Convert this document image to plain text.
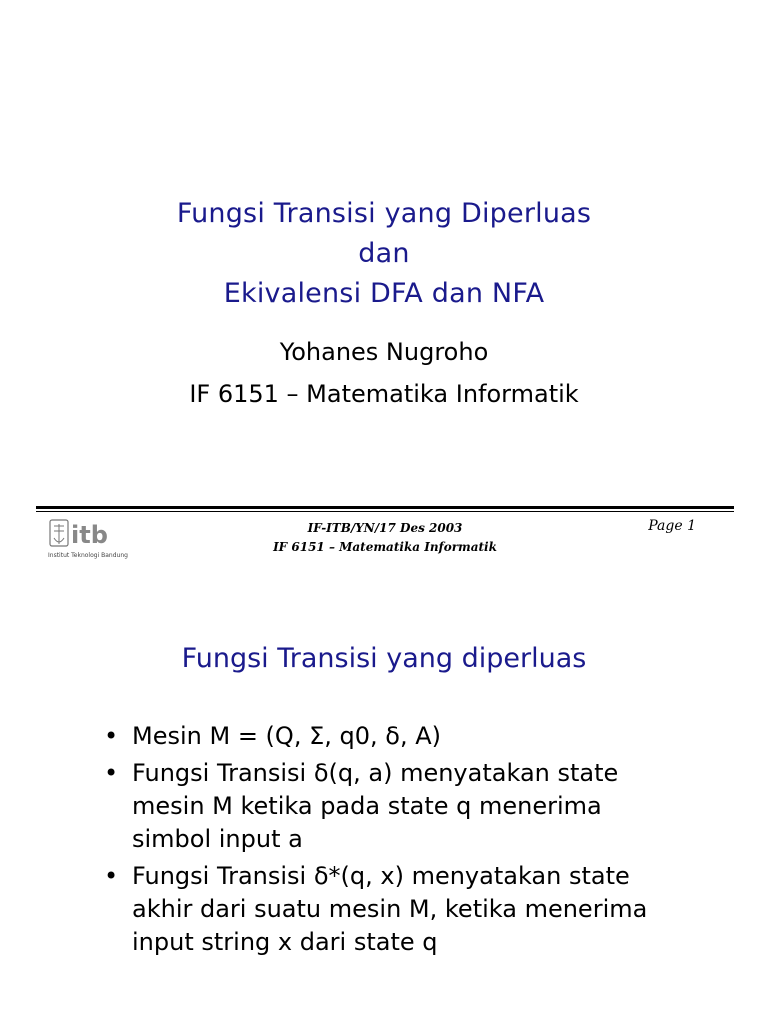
Fungsi Transisi yang Diperluas
dan
Ekivalensi DFA dan NFA
Yohanes Nugroho
IF 6151 – Matematika Informatik
itb
Institut Teknologi Bandung
IF-ITB/YN/17 Des 2003
IF 6151 – Matematika Informatik
Page 1
Fungsi Transisi yang diperluas
• Mesin M = (Q, Σ, q0, δ, A)
• Fungsi Transisi δ(q, a) menyatakan state mesin M ketika pada state q menerima simbol input a
• Fungsi Transisi δ*(q, x) menyatakan state akhir dari suatu mesin M, ketika menerima input string x dari state q
